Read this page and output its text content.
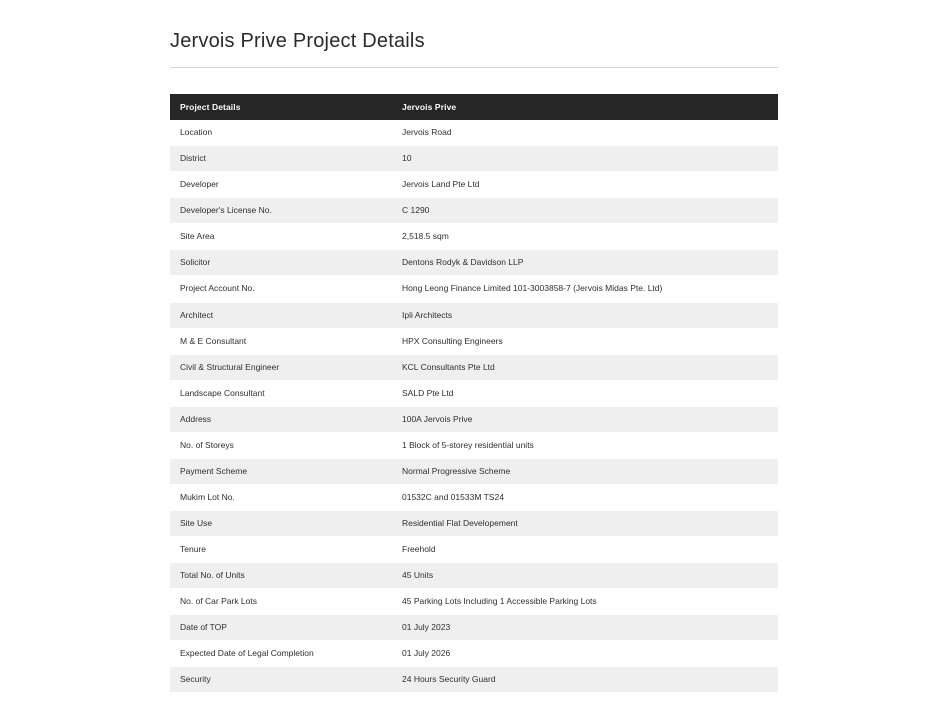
Jervois Prive Project Details
Project Details	Jervois Prive
Location	Jervois Road
District	10
Developer	Jervois Land Pte Ltd
Developer's License No.	C 1290
Site Area	2,518.5 sqm
Solicitor	Dentons Rodyk & Davidson LLP
Project Account No.	Hong Leong Finance Limited 101-3003858-7 (Jervois Midas Pte. Ltd)
Architect	Ipli Architects
M & E Consultant	HPX Consulting Engineers
Civil & Structural Engineer	KCL Consultants Pte Ltd
Landscape Consultant	SALD Pte Ltd
Address	100A Jervois Prive
No. of Storeys	1 Block of 5-storey residential units
Payment Scheme	Normal Progressive Scheme
Mukim Lot No.	01532C and 01533M TS24
Site Use	Residential Flat Developement
Tenure	Freehold
Total No. of Units	45 Units
No. of Car Park Lots	45 Parking Lots Including 1 Accessible Parking Lots
Date of TOP	01 July 2023
Expected Date of Legal Completion	01 July 2026
Security	24 Hours Security Guard
